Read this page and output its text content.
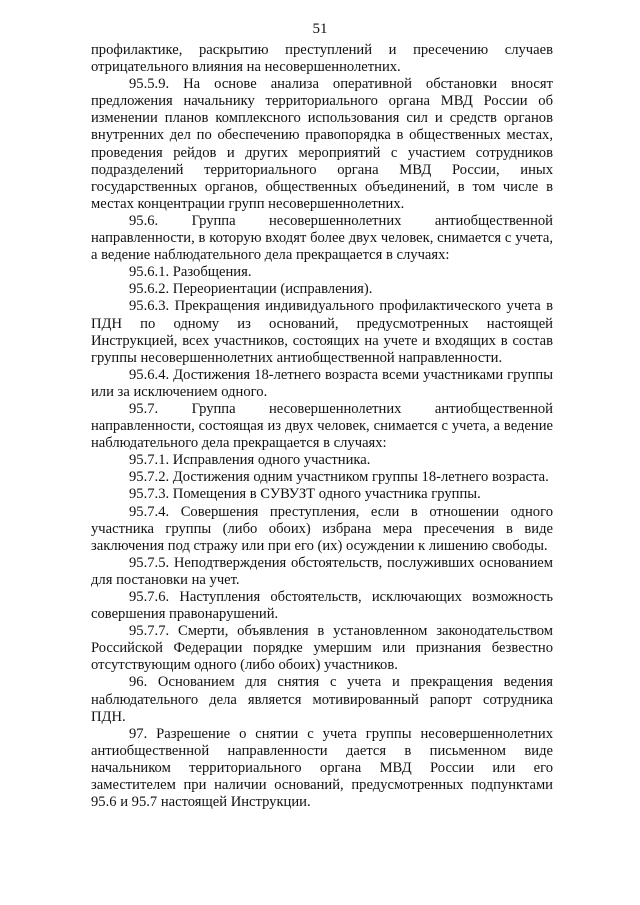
51

профилактике, раскрытию преступлений и пресечению случаев отрицательного влияния на несовершеннолетних.

95.5.9. На основе анализа оперативной обстановки вносят предложения начальнику территориального органа МВД России об изменении планов комплексного использования сил и средств органов внутренних дел по обеспечению правопорядка в общественных местах, проведения рейдов и других мероприятий с участием сотрудников подразделений территориального органа МВД России, иных государственных органов, общественных объединений, в том числе в местах концентрации групп несовершеннолетних.

95.6. Группа несовершеннолетних антиобщественной направленности, в которую входят более двух человек, снимается с учета, а ведение наблюдательного дела прекращается в случаях:

95.6.1. Разобщения.

95.6.2. Переориентации (исправления).

95.6.3. Прекращения индивидуального профилактического учета в ПДН по одному из оснований, предусмотренных настоящей Инструкцией, всех участников, состоящих на учете и входящих в состав группы несовершеннолетних антиобщественной направленности.

95.6.4. Достижения 18-летнего возраста всеми участниками группы или за исключением одного.

95.7. Группа несовершеннолетних антиобщественной направленности, состоящая из двух человек, снимается с учета, а ведение наблюдательного дела прекращается в случаях:

95.7.1. Исправления одного участника.

95.7.2. Достижения одним участником группы 18-летнего возраста.

95.7.3. Помещения в СУВУЗТ одного участника группы.

95.7.4. Совершения преступления, если в отношении одного участника группы (либо обоих) избрана мера пресечения в виде заключения под стражу или при его (их) осуждении к лишению свободы.

95.7.5. Неподтверждения обстоятельств, послуживших основанием для постановки на учет.

95.7.6. Наступления обстоятельств, исключающих возможность совершения правонарушений.

95.7.7. Смерти, объявления в установленном законодательством Российской Федерации порядке умершим или признания безвестно отсутствующим одного (либо обоих) участников.

96. Основанием для снятия с учета и прекращения ведения наблюдательного дела является мотивированный рапорт сотрудника ПДН.

97. Разрешение о снятии с учета группы несовершеннолетних антиобщественной направленности дается в письменном виде начальником территориального органа МВД России или его заместителем при наличии оснований, предусмотренных подпунктами 95.6 и 95.7 настоящей Инструкции.
